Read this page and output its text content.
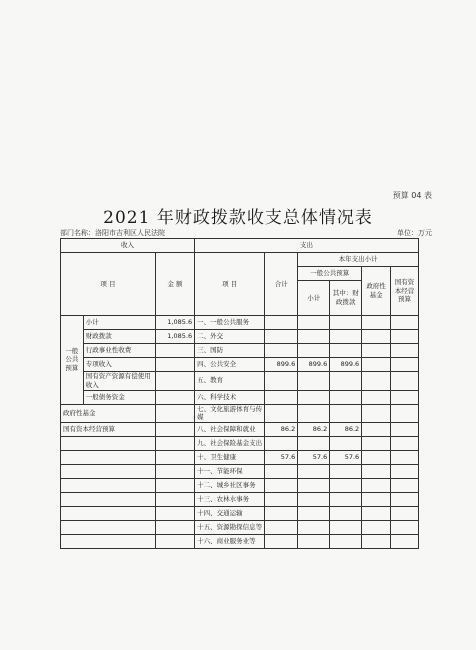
预算 04 表
2021 年财政拨款收支总体情况表
部门名称：洛阳市吉利区人民法院	单位：万元
收入			支出					
项 目		金 额	项 目	合计	本年支出小计			
					一般公共预算		政府性基金	国有资本经营预算
					小计	其中：财政拨款		
一般公共预算	小计	1,085.6	一、一般公共服务					
	财政拨款	1,085.6	二、外交					
	行政事业性收费		三、国防					
	专项收入		四、公共安全	899.6	899.6	899.6		
	国有资产资源有偿使用收入		五、教育					
	一般债务资金		六、科学技术					
政府性基金			七、文化旅游体育与传媒					
国有资本经营预算			八、社会保障和就业	86.2	86.2	86.2		
			九、社会保险基金支出					
			十、卫生健康	57.6	57.6	57.6		
			十一、节能环保					
			十二、城乡社区事务					
			十三、农林水事务					
			十四、交通运输					
			十五、资源勘探信息等					
			十六、商业服务业等					
